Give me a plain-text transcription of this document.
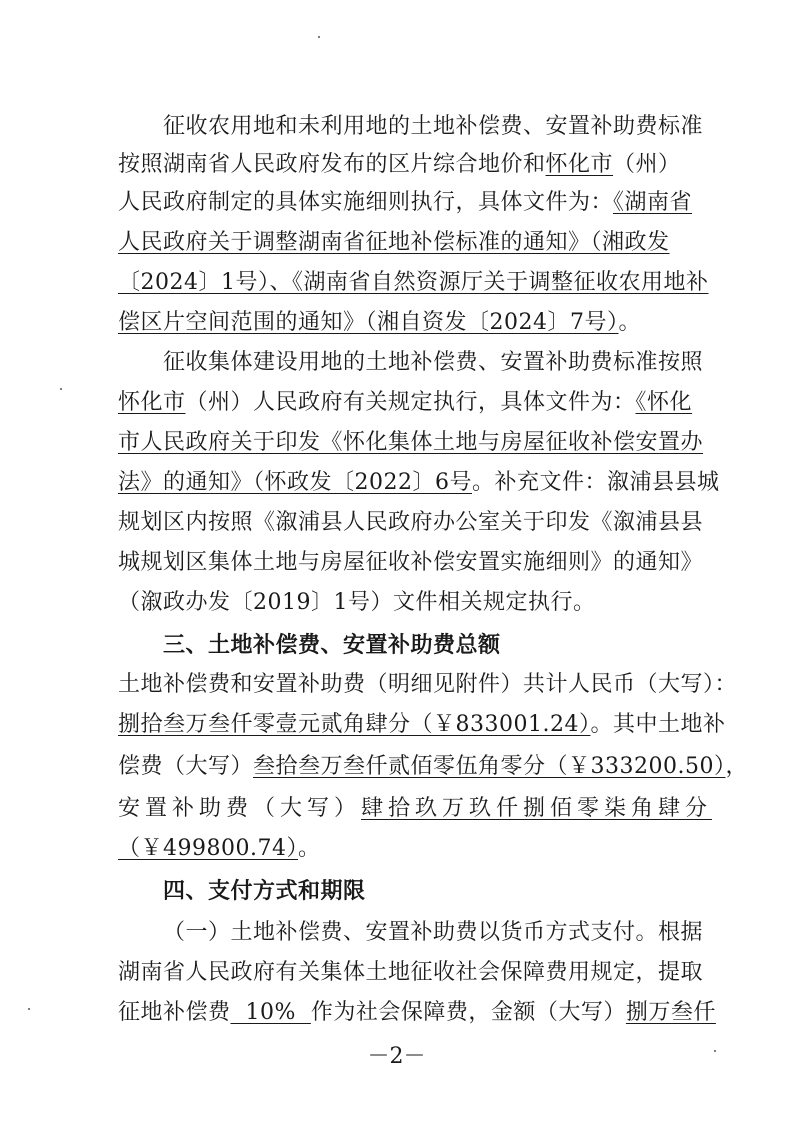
征收农用地和未利用地的土地补偿费、安置补助费标准
按照湖南省人民政府发布的区片综合地价和怀化市（州）
人民政府制定的具体实施细则执行，具体文件为：《湖南省
人民政府关于调整湖南省征地补偿标准的通知》（湘政发
〔2024〕1号）、《湖南省自然资源厅关于调整征收农用地补
偿区片空间范围的通知》（湘自资发〔2024〕7号）。
征收集体建设用地的土地补偿费、安置补助费标准按照
怀化市（州）人民政府有关规定执行，具体文件为：《怀化
市人民政府关于印发《怀化集体土地与房屋征收补偿安置办
法》的通知》（怀政发〔2022〕6号。补充文件：溆浦县县城
规划区内按照《溆浦县人民政府办公室关于印发《溆浦县县
城规划区集体土地与房屋征收补偿安置实施细则》的通知》
（溆政办发〔2019〕1号）文件相关规定执行。
三、土地补偿费、安置补助费总额
土地补偿费和安置补助费（明细见附件）共计人民币（大写）：
捌拾叁万叁仟零壹元贰角肆分（￥833001.24）。其中土地补
偿费（大写）叁拾叁万叁仟贰佰零伍角零分（￥333200.50），
安置补助费（大写）肆拾玖万玖仟捌佰零柒角肆分
（￥499800.74）。
四、支付方式和期限
（一）土地补偿费、安置补助费以货币方式支付。根据
湖南省人民政府有关集体土地征收社会保障费用规定，提取
征地补偿费  10%  作为社会保障费，金额（大写）捌万叁仟
－2－
